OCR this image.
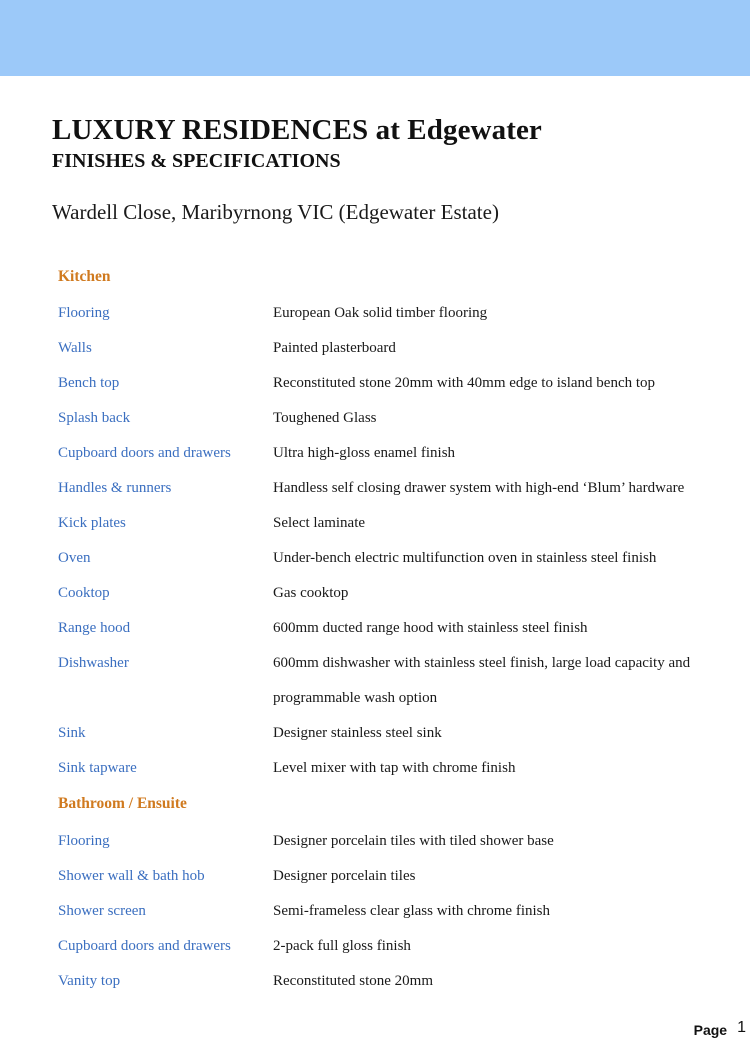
LUXURY RESIDENCES at Edgewater
FINISHES & SPECIFICATIONS

Wardell Close, Maribyrnong VIC (Edgewater Estate)

Kitchen
Flooring	European Oak solid timber flooring
Walls	Painted plasterboard
Bench top	Reconstituted stone 20mm with 40mm edge to island bench top
Splash back	Toughened Glass
Cupboard doors and drawers	Ultra high-gloss enamel finish
Handles & runners	Handless self closing drawer system with high-end ‘Blum’ hardware
Kick plates	Select laminate
Oven	Under-bench electric multifunction oven in stainless steel finish
Cooktop	Gas cooktop
Range hood	600mm ducted range hood with stainless steel finish
Dishwasher	600mm dishwasher with stainless steel finish, large load capacity and
programmable wash option
Sink	Designer stainless steel sink
Sink tapware	Level mixer with tap with chrome finish
Bathroom / Ensuite
Flooring	Designer porcelain tiles with tiled shower base
Shower wall & bath hob	Designer porcelain tiles
Shower screen	Semi-frameless clear glass with chrome finish
Cupboard doors and drawers	2-pack full gloss finish
Vanity top	Reconstituted stone 20mm
Page 1
